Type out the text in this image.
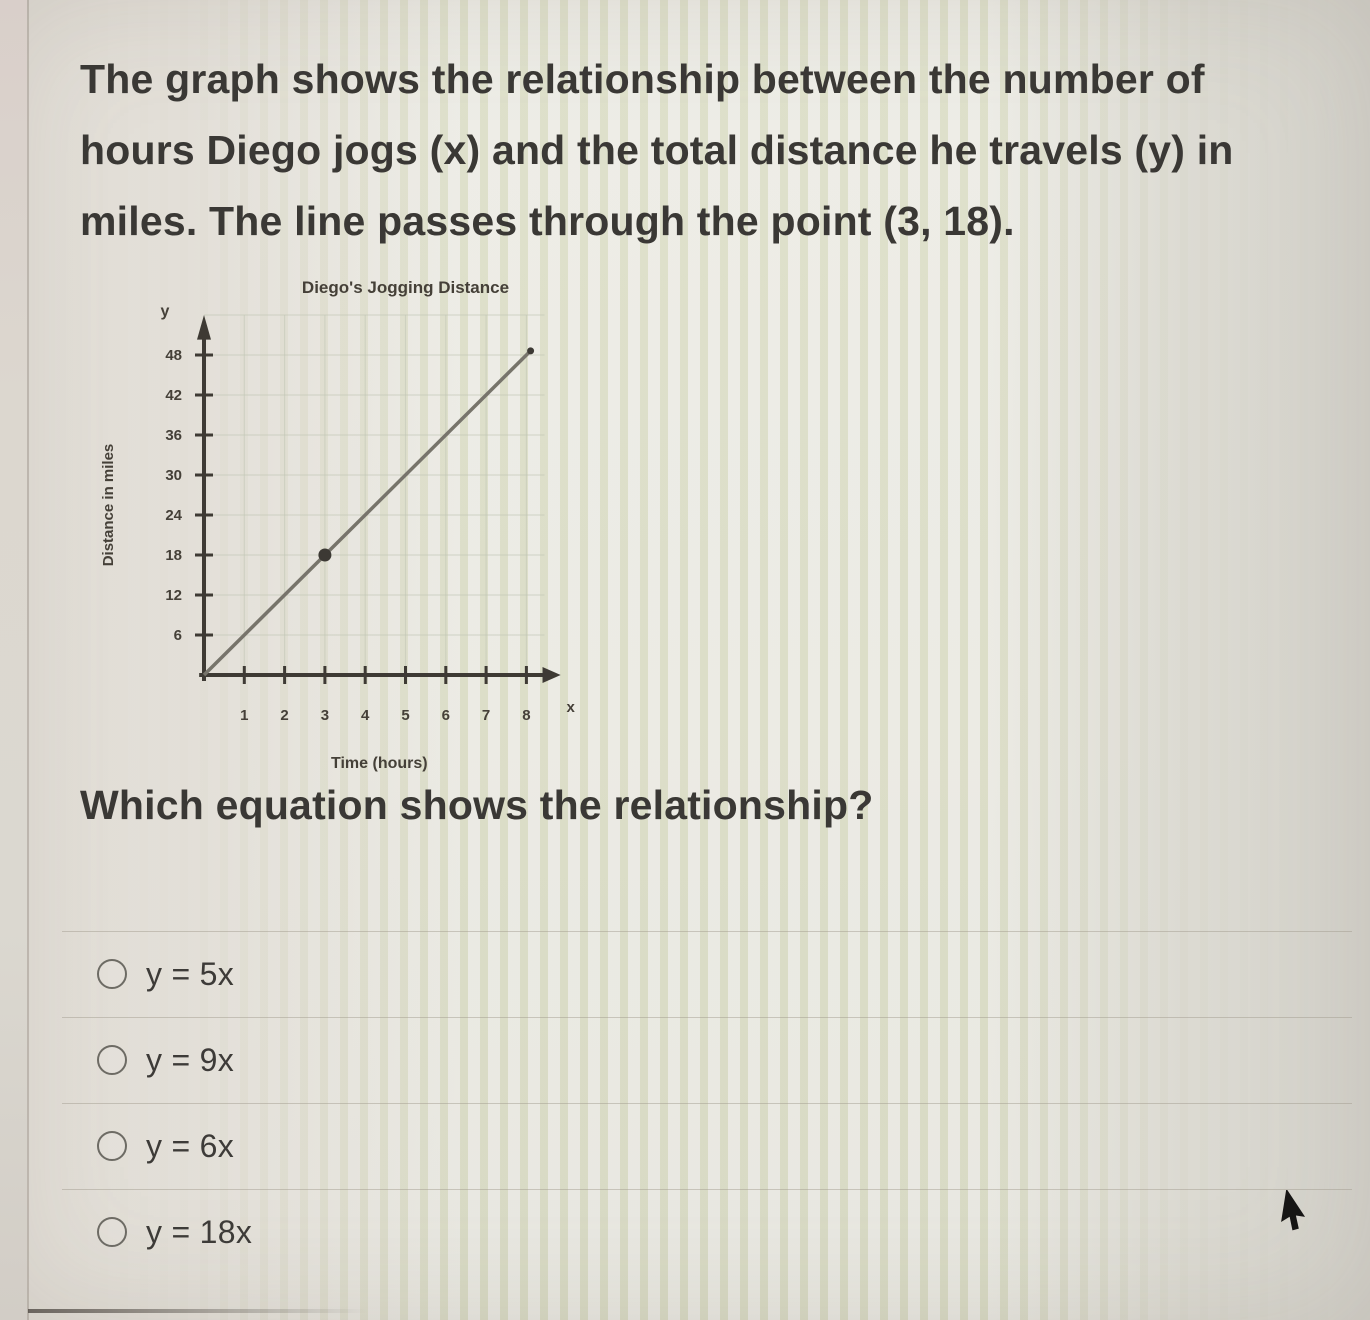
The graph shows the relationship between the number of
hours Diego jogs (x) and the total distance he travels (y) in
miles. The line passes through the point (3, 18).
1 2 3 4 5 6 7 8
6
12
18
24
30
36
42
48
Diego's Jogging Distance
y
x
Time (hours)
Distance in miles
Which equation shows the relationship?
y = 5x
y = 9x
y = 6x
y = 18x
